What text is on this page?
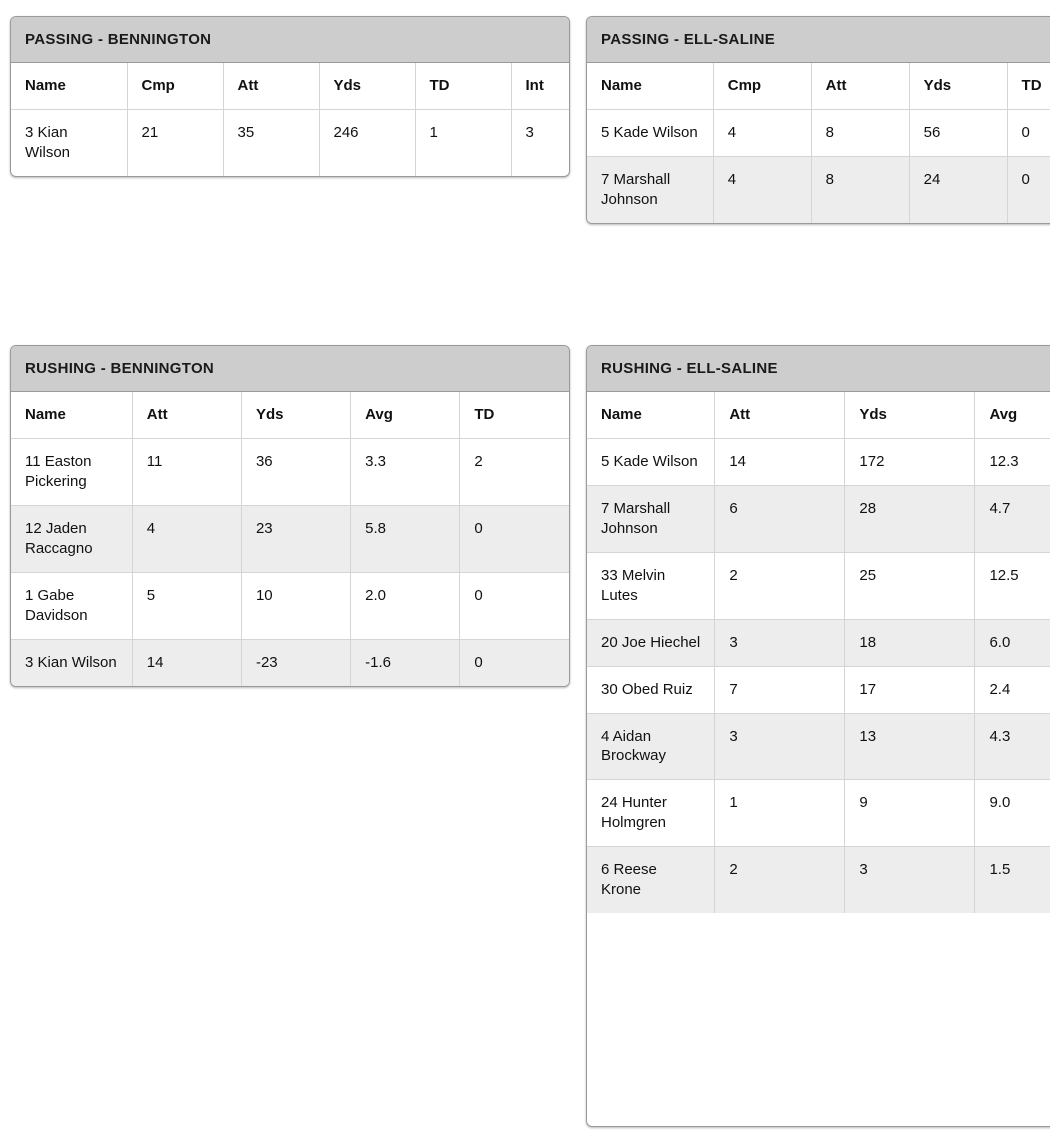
PASSING - BENNINGTON
Name	Cmp	Att	Yds	TD	Int
3 Kian Wilson	21	35	246	1	3
PASSING - ELL-SALINE
Name	Cmp	Att	Yds	TD
5 Kade Wilson	4	8	56	0
7 Marshall Johnson	4	8	24	0
RUSHING - BENNINGTON
Name	Att	Yds	Avg	TD
11 Easton Pickering	11	36	3.3	2
12 Jaden Raccagno	4	23	5.8	0
1 Gabe Davidson	5	10	2.0	0
3 Kian Wilson	14	-23	-1.6	0
RUSHING - ELL-SALINE
Name	Att	Yds	Avg
5 Kade Wilson	14	172	12.3
7 Marshall Johnson	6	28	4.7
33 Melvin Lutes	2	25	12.5
20 Joe Hiechel	3	18	6.0
30 Obed Ruiz	7	17	2.4
4 Aidan Brockway	3	13	4.3
24 Hunter Holmgren	1	9	9.0
6 Reese Krone	2	3	1.5
